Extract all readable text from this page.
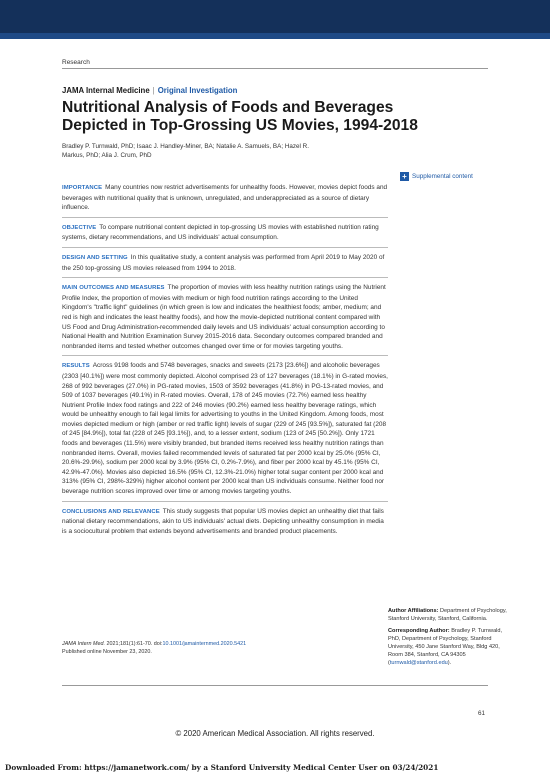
Research
JAMA Internal Medicine | Original Investigation
Nutritional Analysis of Foods and Beverages Depicted in Top-Grossing US Movies, 1994-2018
Bradley P. Turnwald, PhD; Isaac J. Handley-Miner, BA; Natalie A. Samuels, BA; Hazel R. Markus, PhD; Alia J. Crum, PhD
+ Supplemental content

IMPORTANCE Many countries now restrict advertisements for unhealthy foods. However, movies depict foods and beverages with nutritional quality that is unknown, unregulated, and underappreciated as a source of dietary influence.

OBJECTIVE To compare nutritional content depicted in top-grossing US movies with established nutrition rating systems, dietary recommendations, and US individuals' actual consumption.

DESIGN AND SETTING In this qualitative study, a content analysis was performed from April 2019 to May 2020 of the 250 top-grossing US movies released from 1994 to 2018.

MAIN OUTCOMES AND MEASURES The proportion of movies with less healthy nutrition ratings using the Nutrient Profile Index, the proportion of movies with medium or high food nutrition ratings according to the United Kingdom's "traffic light" guidelines (in which green is low and indicates the healthiest foods; amber, medium; and red is high and indicates the least healthy foods), and how the movie-depicted nutritional content compared with US Food and Drug Administration-recommended daily levels and US individuals' actual consumption according to National Health and Nutrition Examination Survey 2015-2016 data. Secondary outcomes compared branded and nonbranded items and tested whether outcomes changed over time or for movies targeting youths.

RESULTS Across 9198 foods and 5748 beverages, snacks and sweets (2173 [23.6%]) and alcoholic beverages (2303 [40.1%]) were most commonly depicted. Alcohol comprised 23 of 127 beverages (18.1%) in G-rated movies, 268 of 992 beverages (27.0%) in PG-rated movies, 1503 of 3592 beverages (41.8%) in PG-13-rated movies, and 509 of 1037 beverages (49.1%) in R-rated movies. Overall, 178 of 245 movies (72.7%) earned less healthy Nutrient Profile Index food ratings and 222 of 246 movies (90.2%) earned less healthy beverage ratings, which would be unhealthy enough to fail legal limits for advertising to youths in the United Kingdom. Among foods, most movies depicted medium or high (amber or red traffic light) levels of sugar (229 of 245 [93.5%]), saturated fat (208 of 245 [84.9%]), total fat (228 of 245 [93.1%]), and, to a lesser extent, sodium (123 of 245 [50.2%]). Only 1721 foods and beverages (11.5%) were visibly branded, but branded items received less healthy nutrition ratings than nonbranded items. Overall, movies failed recommended levels of saturated fat per 2000 kcal by 25.0% (95% CI, 20.6%-29.9%), sodium per 2000 kcal by 3.9% (95% CI, 0.2%-7.9%), and fiber per 2000 kcal by 45.1% (95% CI, 42.9%-47.0%). Movies also depicted 16.5% (95% CI, 12.3%-21.0%) higher total sugar content per 2000 kcal and 313% (95% CI, 298%-329%) higher alcohol content per 2000 kcal than US individuals consume. Neither food nor beverage nutrition scores improved over time or among movies targeting youths.

CONCLUSIONS AND RELEVANCE This study suggests that popular US movies depict an unhealthy diet that fails national dietary recommendations, akin to US individuals' actual diets. Depicting unhealthy consumption in media is a sociocultural problem that extends beyond advertisements and branded product placements.

JAMA Intern Med. 2021;181(1):61-70. doi:10.1001/jamainternmed.2020.5421
Published online November 23, 2020.

Author Affiliations: Department of Psychology, Stanford University, Stanford, California.

Corresponding Author: Bradley P. Turnwald, PhD, Department of Psychology, Stanford University, 450 Jane Stanford Way, Bldg 420, Room 384, Stanford, CA 94305 (turnwald@stanford.edu).

61
© 2020 American Medical Association. All rights reserved.
Downloaded From: https://jamanetwork.com/ by a Stanford University Medical Center User on 03/24/2021
